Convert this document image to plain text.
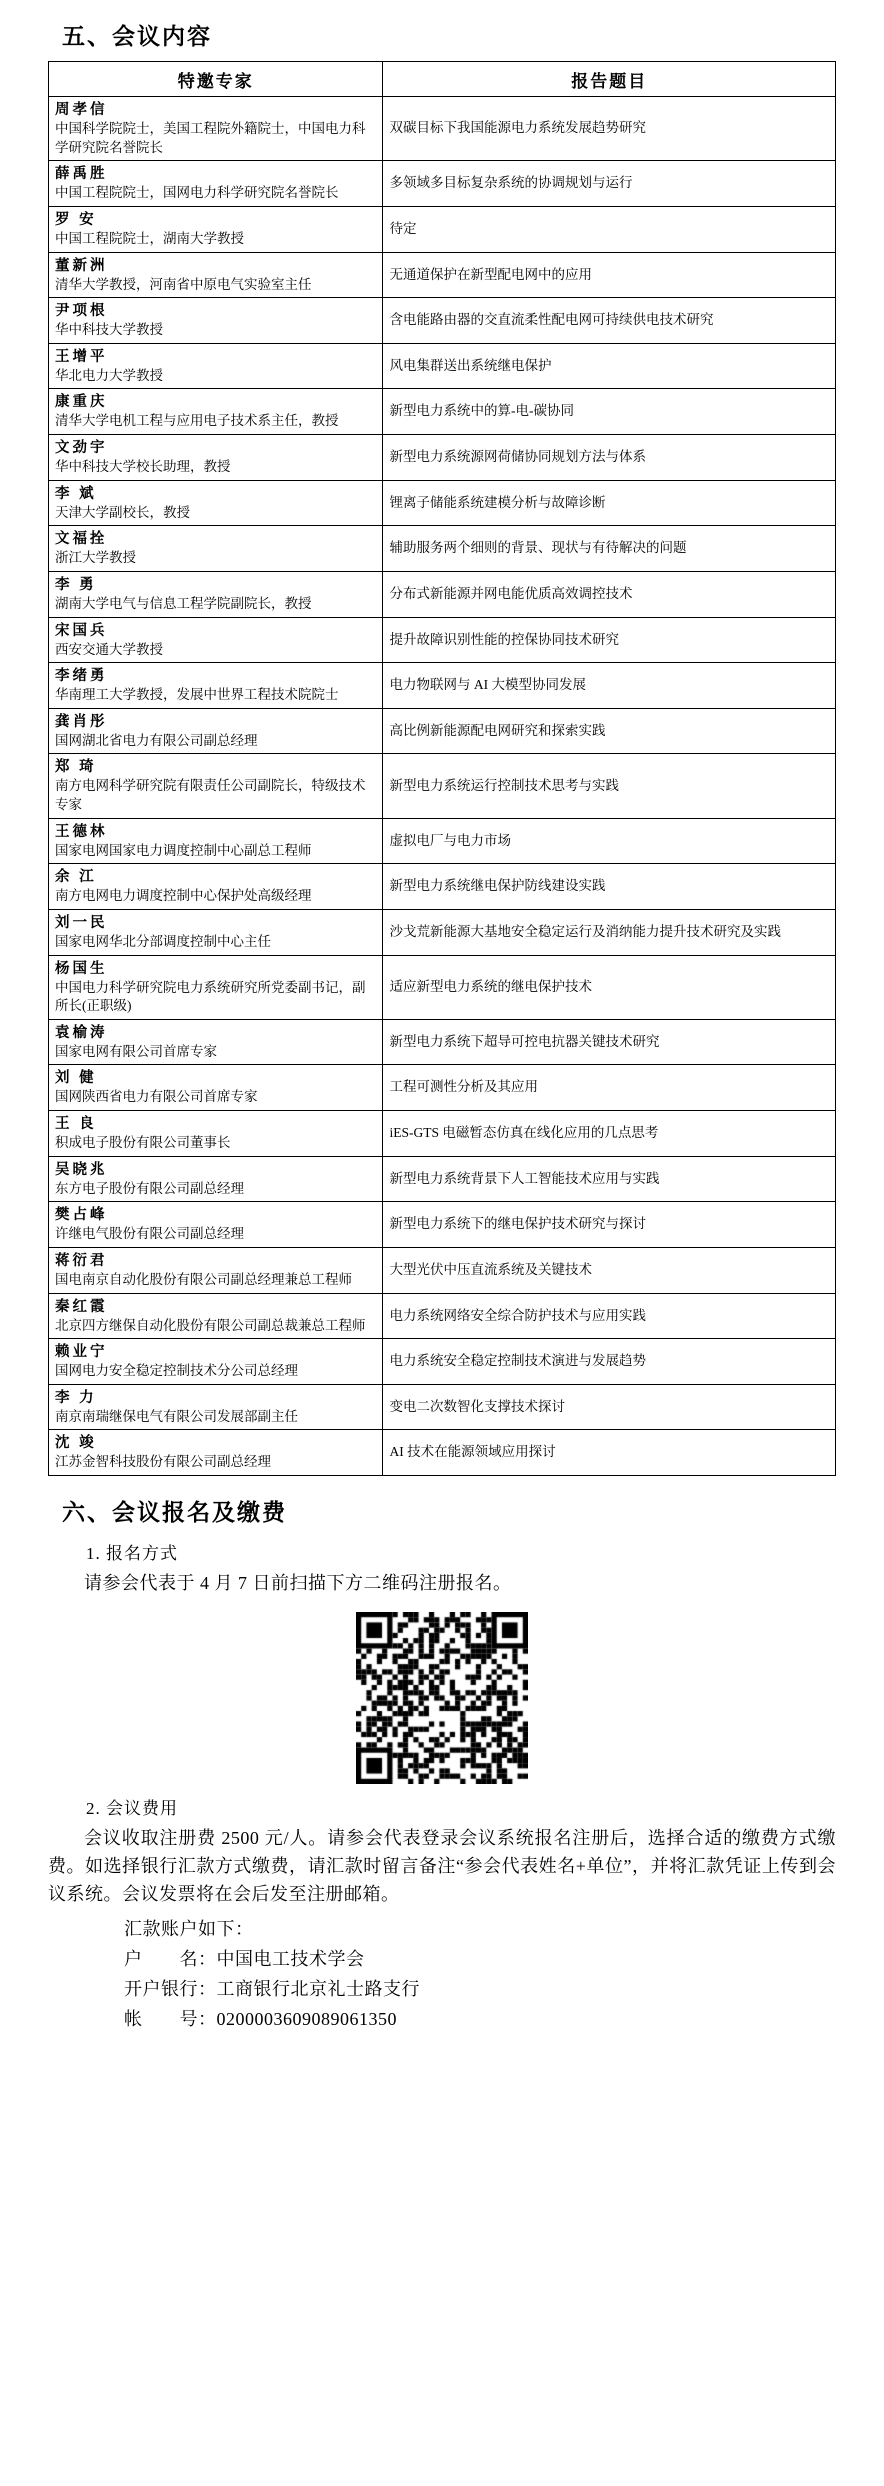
五、会议内容
特邀专家	报告题目

周孝信
中国科学院院士，美国工程院外籍院士，中国电力科学研究院名誉院长	双碳目标下我国能源电力系统发展趋势研究

薛禹胜
中国工程院院士，国网电力科学研究院名誉院长	多领域多目标复杂系统的协调规划与运行

罗 安
中国工程院院士，湖南大学教授	待定

董新洲
清华大学教授，河南省中原电气实验室主任	无通道保护在新型配电网中的应用

尹项根
华中科技大学教授	含电能路由器的交直流柔性配电网可持续供电技术研究

王增平
华北电力大学教授	风电集群送出系统继电保护

康重庆
清华大学电机工程与应用电子技术系主任，教授	新型电力系统中的算-电-碳协同

文劲宇
华中科技大学校长助理，教授	新型电力系统源网荷储协同规划方法与体系

李 斌
天津大学副校长，教授	锂离子储能系统建模分析与故障诊断

文福拴
浙江大学教授	辅助服务两个细则的背景、现状与有待解决的问题

李 勇
湖南大学电气与信息工程学院副院长，教授	分布式新能源并网电能优质高效调控技术

宋国兵
西安交通大学教授	提升故障识别性能的控保协同技术研究

李绪勇
华南理工大学教授，发展中世界工程技术院院士	电力物联网与 AI 大模型协同发展

龚肖彤
国网湖北省电力有限公司副总经理	高比例新能源配电网研究和探索实践

郑 琦
南方电网科学研究院有限责任公司副院长，特级技术专家	新型电力系统运行控制技术思考与实践

王德林
国家电网国家电力调度控制中心副总工程师	虚拟电厂与电力市场

余 江
南方电网电力调度控制中心保护处高级经理	新型电力系统继电保护防线建设实践

刘一民
国家电网华北分部调度控制中心主任	沙戈荒新能源大基地安全稳定运行及消纳能力提升技术研究及实践

杨国生
中国电力科学研究院电力系统研究所党委副书记，副所长(正职级)	适应新型电力系统的继电保护技术

袁榆涛
国家电网有限公司首席专家	新型电力系统下超导可控电抗器关键技术研究

刘 健
国网陕西省电力有限公司首席专家	工程可测性分析及其应用

王 良
积成电子股份有限公司董事长	iES-GTS 电磁暂态仿真在线化应用的几点思考

吴晓兆
东方电子股份有限公司副总经理	新型电力系统背景下人工智能技术应用与实践

樊占峰
许继电气股份有限公司副总经理	新型电力系统下的继电保护技术研究与探讨

蒋衍君
国电南京自动化股份有限公司副总经理兼总工程师	大型光伏中压直流系统及关键技术

秦红霞
北京四方继保自动化股份有限公司副总裁兼总工程师	电力系统网络安全综合防护技术与应用实践

赖业宁
国网电力安全稳定控制技术分公司总经理	电力系统安全稳定控制技术演进与发展趋势

李 力
南京南瑞继保电气有限公司发展部副主任	变电二次数智化支撑技术探讨

沈 竣
江苏金智科技股份有限公司副总经理	AI 技术在能源领域应用探讨
六、会议报名及缴费
1. 报名方式

请参会代表于 4 月 7 日前扫描下方二维码注册报名。

2. 会议费用

会议收取注册费 2500 元/人。请参会代表登录会议系统报名注册后，选择合适的缴费方式缴费。如选择银行汇款方式缴费，请汇款时留言备注“参会代表姓名+单位”，并将汇款凭证上传到会议系统。会议发票将在会后发至注册邮箱。

汇款账户如下：
户　　名：中国电工技术学会
开户银行：工商银行北京礼士路支行
帐　　号：0200003609089061350
